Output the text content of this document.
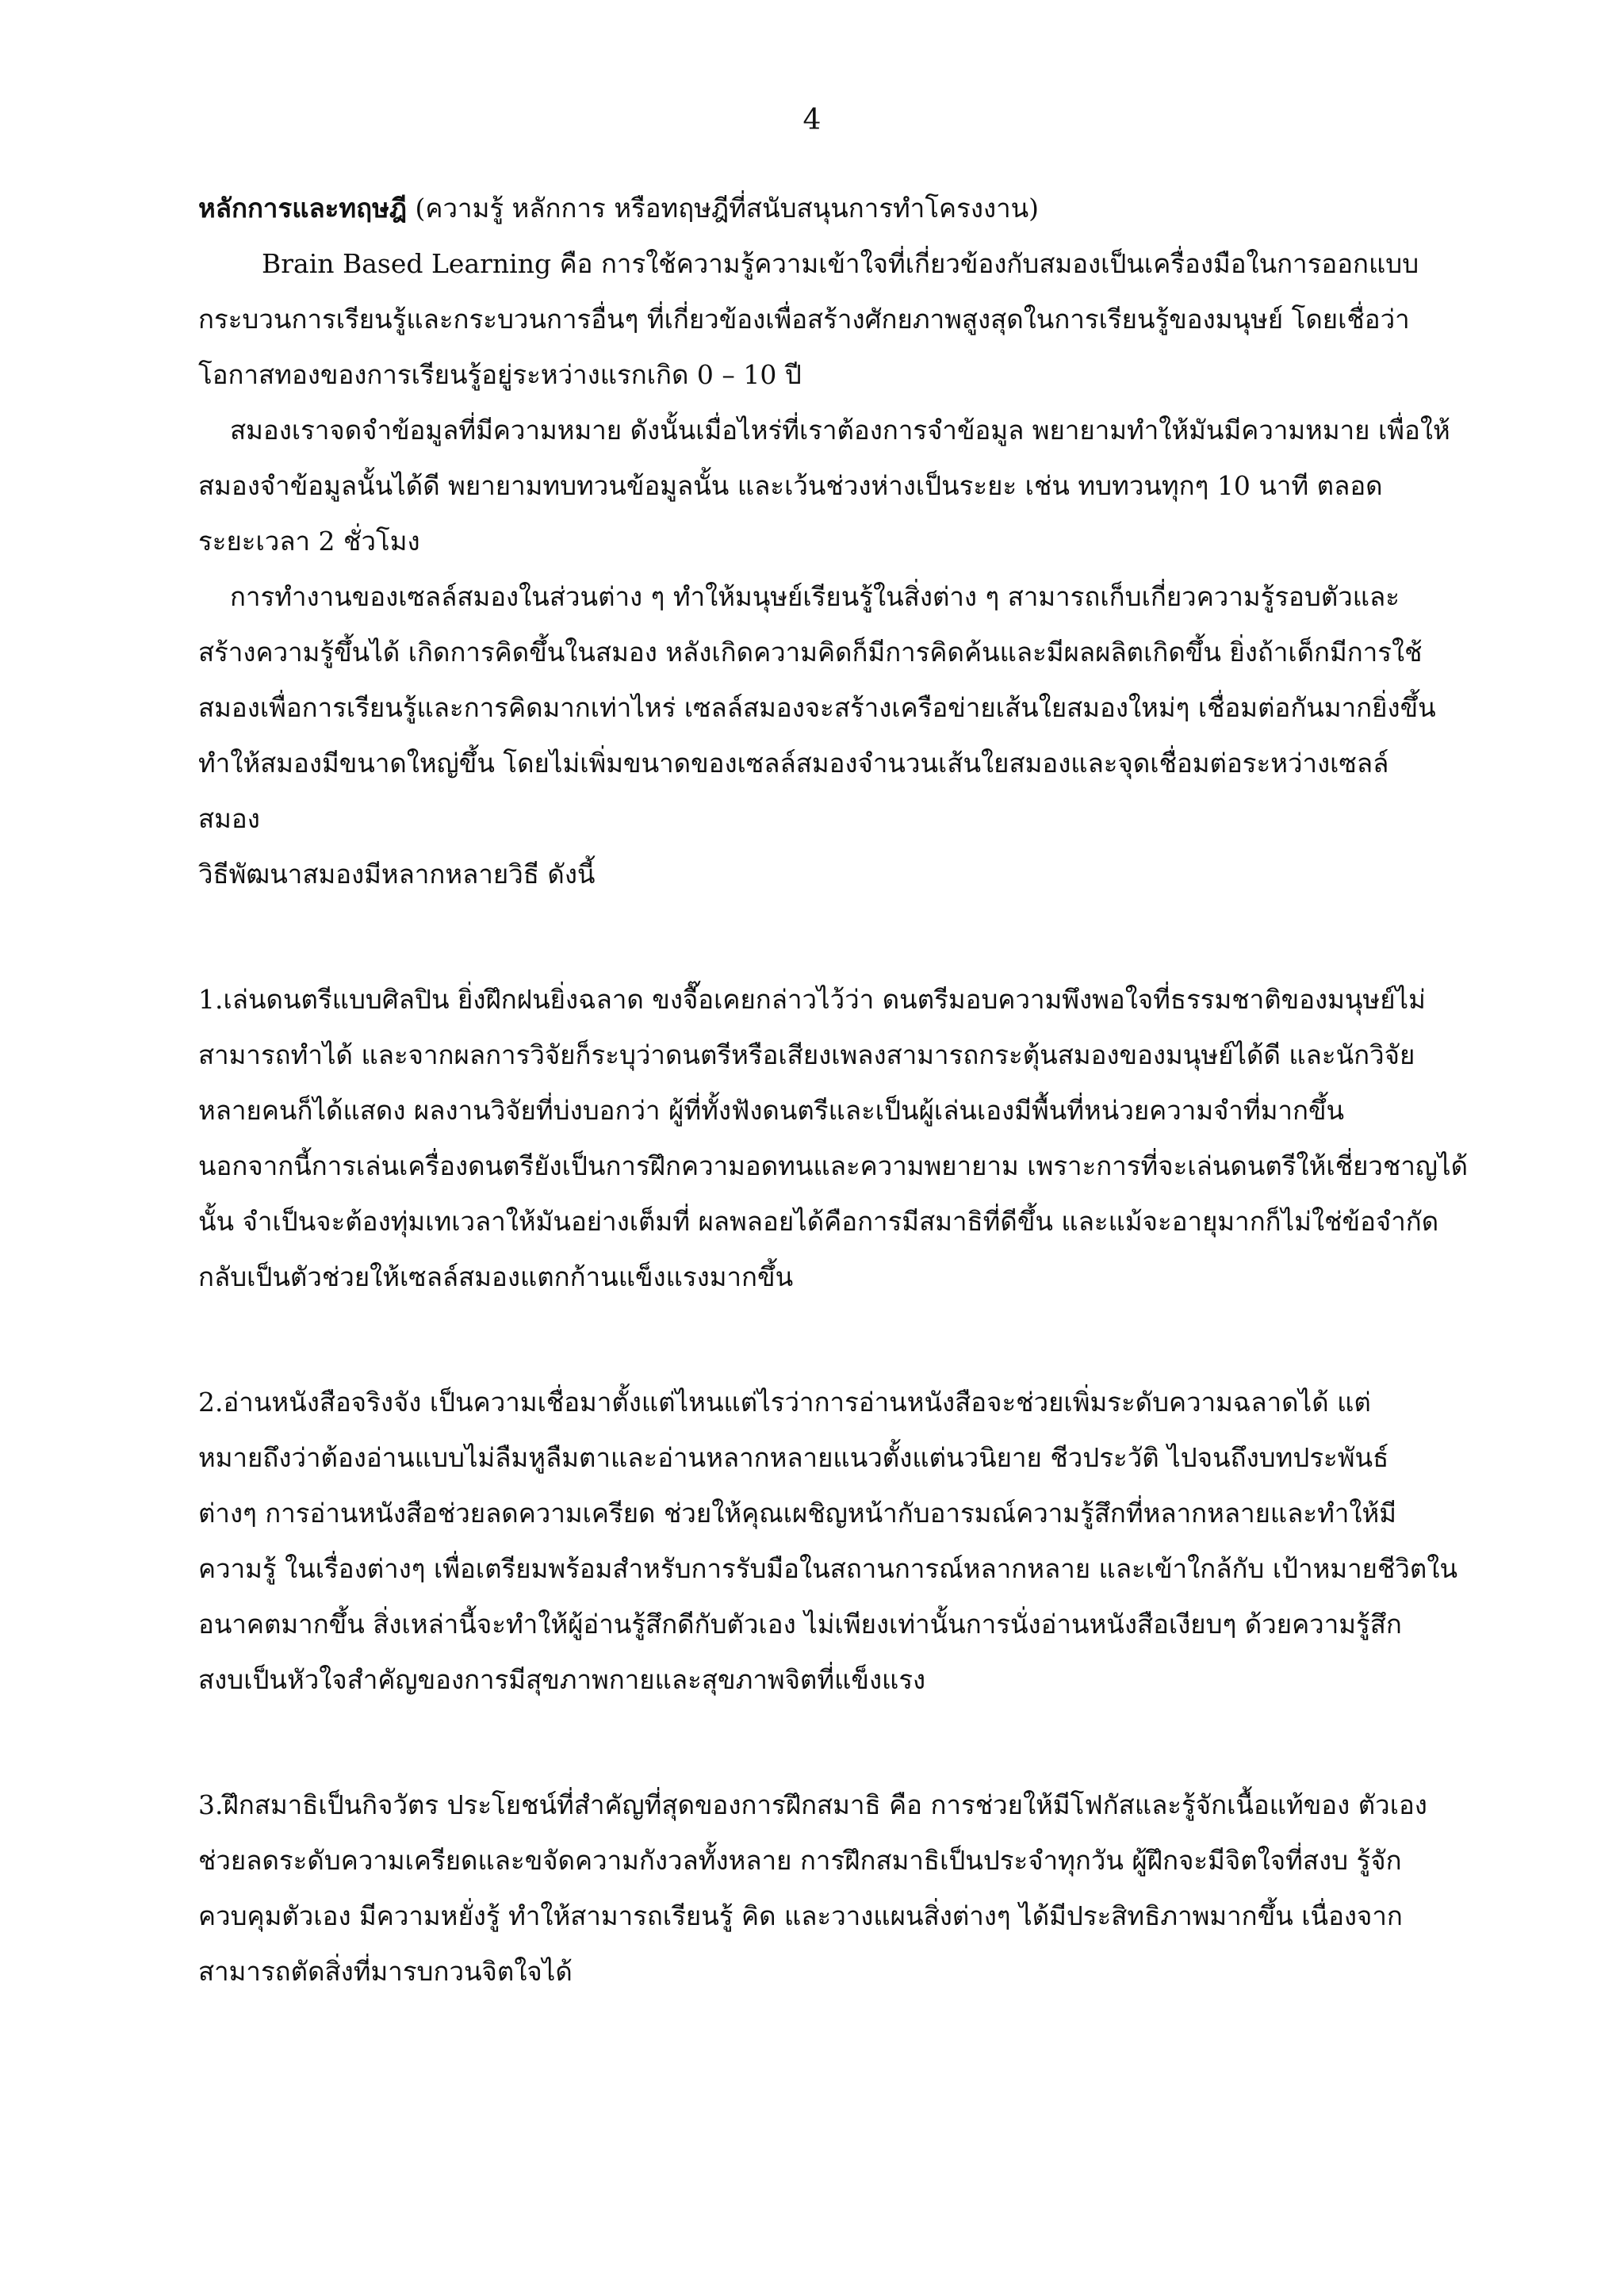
4

หลักการและทฤษฎี (ความรู้ หลักการ หรือทฤษฎีที่สนับสนุนการทำโครงงาน)

Brain Based Learning คือ การใช้ความรู้ความเข้าใจที่เกี่ยวข้องกับสมองเป็นเครื่องมือในการออกแบบ

กระบวนการเรียนรู้และกระบวนการอื่นๆ ที่เกี่ยวข้องเพื่อสร้างศักยภาพสูงสุดในการเรียนรู้ของมนุษย์ โดยเชื่อว่า

โอกาสทองของการเรียนรู้อยู่ระหว่างแรกเกิด 0 – 10 ปี

สมองเราจดจำข้อมูลที่มีความหมาย ดังนั้นเมื่อไหร่ที่เราต้องการจำข้อมูล พยายามทำให้มันมีความหมาย เพื่อให้

สมองจำข้อมูลนั้นได้ดี พยายามทบทวนข้อมูลนั้น และเว้นช่วงห่างเป็นระยะ เช่น ทบทวนทุกๆ 10 นาที ตลอด

ระยะเวลา 2 ชั่วโมง

การทำงานของเซลล์สมองในส่วนต่าง ๆ ทำให้มนุษย์เรียนรู้ในสิ่งต่าง ๆ สามารถเก็บเกี่ยวความรู้รอบตัวและ

สร้างความรู้ขึ้นได้ เกิดการคิดขึ้นในสมอง หลังเกิดความคิดก็มีการคิดค้นและมีผลผลิตเกิดขึ้น ยิ่งถ้าเด็กมีการใช้

สมองเพื่อการเรียนรู้และการคิดมากเท่าไหร่ เซลล์สมองจะสร้างเครือข่ายเส้นใยสมองใหม่ๆ เชื่อมต่อกันมากยิ่งขึ้น

ทำให้สมองมีขนาดใหญ่ขึ้น โดยไม่เพิ่มขนาดของเซลล์สมองจำนวนเส้นใยสมองและจุดเชื่อมต่อระหว่างเซลล์

สมอง

วิธีพัฒนาสมองมีหลากหลายวิธี ดังนี้

1.เล่นดนตรีแบบศิลปิน ยิ่งฝึกฝนยิ่งฉลาด ขงจื๊อเคยกล่าวไว้ว่า ดนตรีมอบความพึงพอใจที่ธรรมชาติของมนุษย์ไม่

สามารถทำได้ และจากผลการวิจัยก็ระบุว่าดนตรีหรือเสียงเพลงสามารถกระตุ้นสมองของมนุษย์ได้ดี และนักวิจัย

หลายคนก็ได้แสดง ผลงานวิจัยที่บ่งบอกว่า ผู้ที่ทั้งฟังดนตรีและเป็นผู้เล่นเองมีพื้นที่หน่วยความจำที่มากขึ้น

นอกจากนี้การเล่นเครื่องดนตรียังเป็นการฝึกความอดทนและความพยายาม เพราะการที่จะเล่นดนตรีให้เชี่ยวชาญได้

นั้น จำเป็นจะต้องทุ่มเทเวลาให้มันอย่างเต็มที่ ผลพลอยได้คือการมีสมาธิที่ดีขึ้น และแม้จะอายุมากก็ไม่ใช่ข้อจำกัด

กลับเป็นตัวช่วยให้เซลล์สมองแตกก้านแข็งแรงมากขึ้น

2.อ่านหนังสือจริงจัง เป็นความเชื่อมาตั้งแต่ไหนแต่ไรว่าการอ่านหนังสือจะช่วยเพิ่มระดับความฉลาดได้ แต่

หมายถึงว่าต้องอ่านแบบไม่ลืมหูลืมตาและอ่านหลากหลายแนวตั้งแต่นวนิยาย ชีวประวัติ ไปจนถึงบทประพันธ์

ต่างๆ การอ่านหนังสือช่วยลดความเครียด ช่วยให้คุณเผชิญหน้ากับอารมณ์ความรู้สึกที่หลากหลายและทำให้มี

ความรู้ ในเรื่องต่างๆ เพื่อเตรียมพร้อมสำหรับการรับมือในสถานการณ์หลากหลาย และเข้าใกล้กับ เป้าหมายชีวิตใน

อนาคตมากขึ้น สิ่งเหล่านี้จะทำให้ผู้อ่านรู้สึกดีกับตัวเอง ไม่เพียงเท่านั้นการนั่งอ่านหนังสือเงียบๆ ด้วยความรู้สึก

สงบเป็นหัวใจสำคัญของการมีสุขภาพกายและสุขภาพจิตที่แข็งแรง

3.ฝึกสมาธิเป็นกิจวัตร ประโยชน์ที่สำคัญที่สุดของการฝึกสมาธิ คือ การช่วยให้มีโฟกัสและรู้จักเนื้อแท้ของ ตัวเอง

ช่วยลดระดับความเครียดและขจัดความกังวลทั้งหลาย การฝึกสมาธิเป็นประจำทุกวัน ผู้ฝึกจะมีจิตใจที่สงบ รู้จัก

ควบคุมตัวเอง มีความหยั่งรู้ ทำให้สามารถเรียนรู้ คิด และวางแผนสิ่งต่างๆ ได้มีประสิทธิภาพมากขึ้น เนื่องจาก

สามารถตัดสิ่งที่มารบกวนจิตใจได้
